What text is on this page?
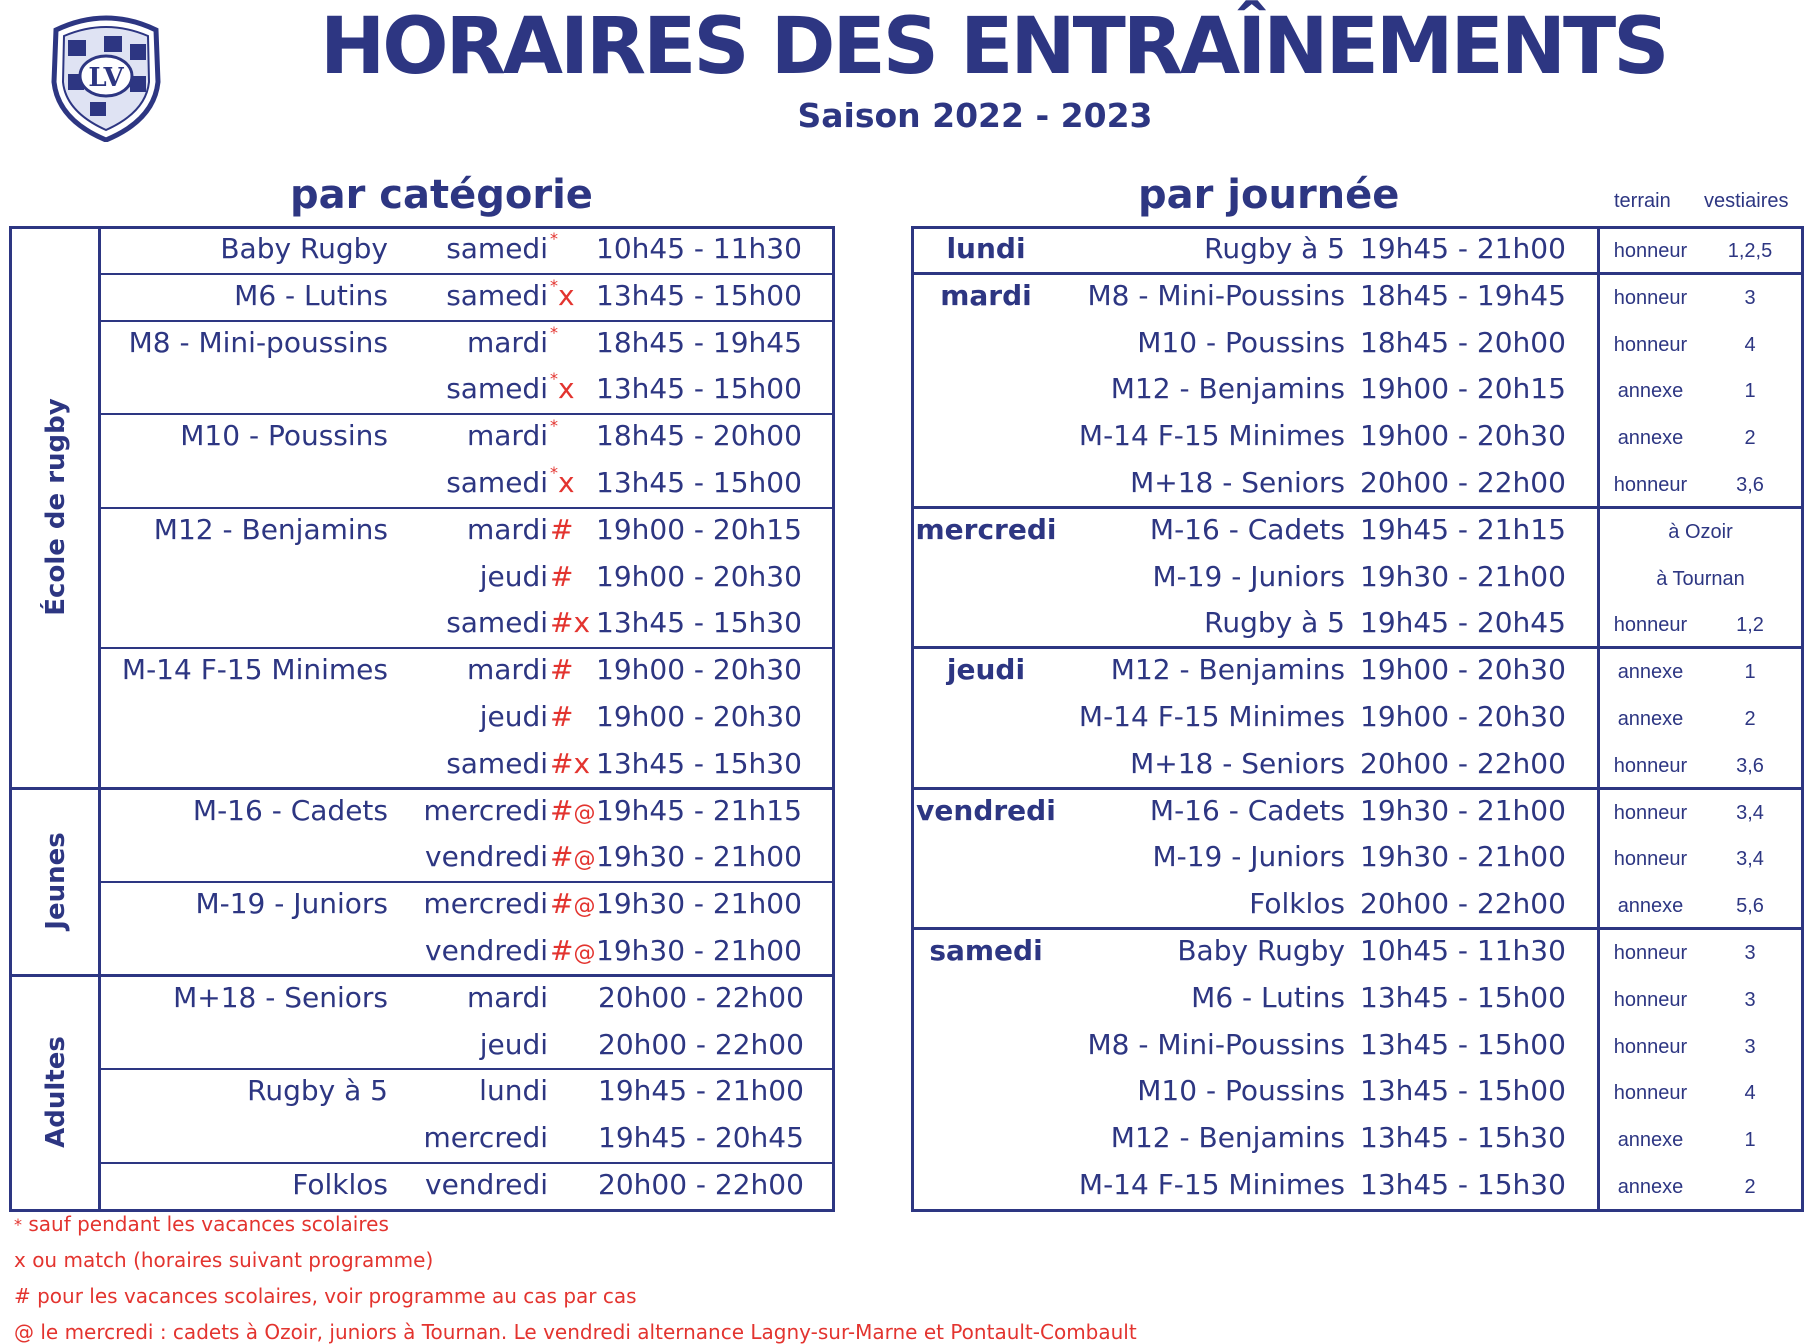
LV	HORAIRES DES ENTRAÎNEMENTS
Saison 2022 - 2023
par catégorie	par journée	terrain vestiaires
Baby Rugby	samedi *	10h45 - 11h30
M6 - Lutins	samedi *x 13h45 - 15h00
M8 - Mini-poussins	mardi *	18h45 - 19h45
samedi *x 13h45 - 15h00
M10 - Poussins	mardi *	18h45 - 20h00
samedi *x 13h45 - 15h00
M12 - Benjamins	mardi # 19h00 - 20h15
jeudi # 19h00 - 20h30
samedi #x 13h45 - 15h30
M-14 F-15 Minimes	mardi # 19h00 - 20h30
jeudi # 19h00 - 20h30
samedi #x 13h45 - 15h30
École de rugby
M-16 - Cadets	mercredi #@ 19h45 - 21h15
vendredi #@ 19h30 - 21h00
M-19 - Juniors	mercredi #@ 19h30 - 21h00
vendredi #@ 19h30 - 21h00
Jeunes
M+18 - Seniors	mardi 20h00 - 22h00
jeudi 20h00 - 22h00
Rugby à 5	lundi 19h45 - 21h00
mercredi 19h45 - 20h45
Folklos	vendredi 20h00 - 22h00
Adultes
lundi	Rugby à 5 19h45 - 21h00	honneur	1,2,5
mardi	M8 - Mini-Poussins 18h45 - 19h45	honneur	3
M10 - Poussins 18h45 - 20h00	honneur	4
M12 - Benjamins 19h00 - 20h15	annexe	1
M-14 F-15 Minimes 19h00 - 20h30	annexe	2
M+18 - Seniors 20h00 - 22h00	honneur	3,6
mercredi	M-16 - Cadets 19h45 - 21h15	à Ozoir
M-19 - Juniors 19h30 - 21h00	à Tournan
Rugby à 5 19h45 - 20h45	honneur	1,2
jeudi	M12 - Benjamins 19h00 - 20h30	annexe	1
M-14 F-15 Minimes 19h00 - 20h30	annexe	2
M+18 - Seniors 20h00 - 22h00	honneur	3,6
vendredi	M-16 - Cadets 19h30 - 21h00	honneur	3,4
M-19 - Juniors 19h30 - 21h00	honneur	3,4
Folklos 20h00 - 22h00	annexe	5,6
samedi	Baby Rugby 10h45 - 11h30	honneur	3
M6 - Lutins 13h45 - 15h00	honneur	3
M8 - Mini-Poussins 13h45 - 15h00	honneur	3
M10 - Poussins 13h45 - 15h00	honneur	4
M12 - Benjamins 13h45 - 15h30	annexe	1
M-14 F-15 Minimes 13h45 - 15h30	annexe	2
* sauf pendant les vacances scolaires
x ou match (horaires suivant programme)
# pour les vacances scolaires, voir programme au cas par cas
@ le mercredi : cadets à Ozoir, juniors à Tournan. Le vendredi alternance Lagny-sur-Marne et Pontault-Combault
